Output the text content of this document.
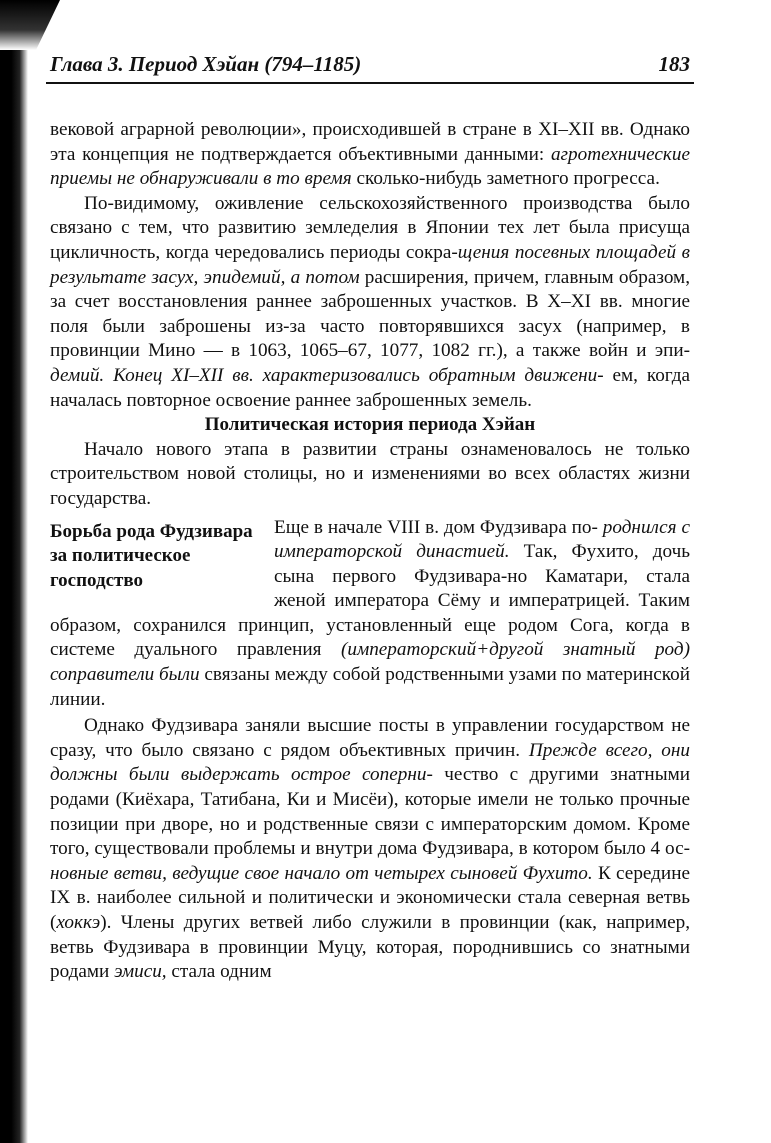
Глава 3. Период Хэйан (794–1185)	183

вековой аграрной революции», происходившей в стране в XI–XII вв. Однако эта концепция не подтверждается объективными данными: агротехнические приемы не обнаруживали в то время сколько-нибудь заметного прогресса.

По-видимому, оживление сельскохозяйственного производства было связано с тем, что развитию земледелия в Японии тех лет была присуща цикличность, когда чередовались периоды сокра-щения посевных площадей в результате засух, эпидемий, а потом расширения, причем, главным образом, за счет восстановления раннее заброшенных участков. В X–XI вв. многие поля были заброшены из-за часто повторявшихся засух (например, в провинции Мино — в 1063, 1065–67, 1077, 1082 гг.), а также войн и эпи-демий. Конец XI–XII вв. характеризовались обратным движени- ем, когда началась повторное освоение раннее заброшенных земель.

Политическая история периода Хэйан

Начало нового этапа в развитии страны ознаменовалось не только строительством новой столицы, но и изменениями во всех областях жизни государства.

Борьба рода Фудзивара за политическое господство
Еще в начале VIII в. дом Фудзивара по- роднился с императорской династией. Так, Фухито, дочь сына первого Фудзивара-но Каматари, стала женой императора Сёму и императрицей. Таким образом, сохранился принцип, установленный еще родом Сога, когда в системе дуального правления (императорский+другой знатный род) соправители были связаны между собой родственными узами по материнской линии.

Однако Фудзивара заняли высшие посты в управлении государством не сразу, что было связано с рядом объективных причин. Прежде всего, они должны были выдержать острое соперни- чество с другими знатными родами (Киёхара, Татибана, Ки и Мисёи), которые имели не только прочные позиции при дворе, но и родственные связи с императорским домом. Кроме того, существовали проблемы и внутри дома Фудзивара, в котором было 4 ос-новные ветви, ведущие свое начало от четырех сыновей Фухито. К середине IX в. наиболее сильной и политически и экономически стала северная ветвь (хоккэ). Члены других ветвей либо служили в провинции (как, например, ветвь Фудзивара в провинции Муцу, которая, породнившись со знатными родами эмиси, стала одним
